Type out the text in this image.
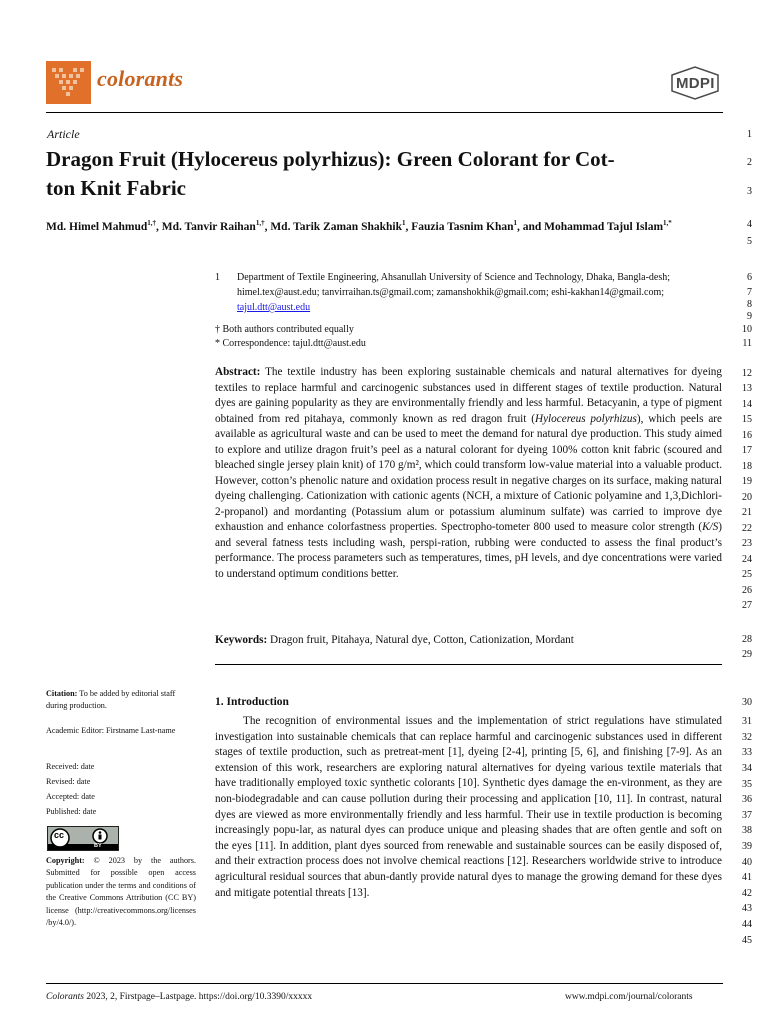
colorants	MDPI
Article
Dragon Fruit (Hylocereus polyrhizus): Green Colorant for Cot-
ton Knit Fabric
Md. Himel Mahmud$^{1,\dagger}$, Md. Tanvir Raihan$^{1,\dagger}$, Md. Tarik Zaman Shakhik$^1$, Fauzia Tasnim Khan$^1$, and Mohammad Tajul Islam$^{1,*}$
1 Department of Textile Engineering, Ahsanullah University of Science and Technology, Dhaka, Bangla-desh; himel.tex@aust.edu; tanvirraihan.ts@gmail.com; zamanshokhik@gmail.com; eshi-kakhan14@gmail.com; tajul.dtt@aust.edu
† Both authors contributed equally
* Correspondence: tajul.dtt@aust.edu
Abstract: The textile industry has been exploring sustainable chemicals and natural alternatives for dyeing textiles to replace harmful and carcinogenic substances used in different stages of textile production. Natural dyes are gaining popularity as they are environmentally friendly and less harmful. Betacyanin, a type of pigment obtained from red pitahaya, commonly known as red dragon fruit (Hylocereus polyrhizus), which peels are available as agricultural waste and can be used to meet the demand for natural dye production. This study aimed to explore and utilize dragon fruit’s peel as a natural colorant for dyeing 100% cotton knit fabric (scoured and bleached single jersey plain knit) of 170 g/m², which could transform low-value material into a valuable product. However, cotton’s phenolic nature and oxidation process result in negative charges on its surface, making natural dyeing challenging. Cationization with cationic agents (NCH, a mixture of Cationic polyamine and 1,3,Dichlori-2-propanol) and mordanting (Potassium alum or potassium aluminum sulfate) was carried to improve dye exhaustion and enhance colorfastness properties. Spectropho-tometer 800 used to measure color strength (K/S) and several fatness tests including wash, perspi-ration, rubbing were conducted to assess the final product’s performance. The process parameters such as temperatures, times, pH levels, and dye concentrations were varied to understand optimum conditions better.
Keywords: Dragon fruit, Pitahaya, Natural dye, Cotton, Cationization, Mordant
Citation: To be added by editorial staff during production.
Academic Editor: Firstname Last-name
Received: date
Revised: date
Accepted: date
Published: date
cc
BY
Copyright: © 2023 by the authors. Submitted for possible open access publication under the terms and conditions of the Creative Commons Attribution (CC BY) license (http://creativecommons.org/licenses /by/4.0/).
1. Introduction
The recognition of environmental issues and the implementation of strict regulations have stimulated investigation into sustainable chemicals that can replace harmful and carcinogenic substances used in different stages of textile production, such as pretreat-ment [1], dyeing [2-4], printing [5, 6], and finishing [7-9]. As an extension of this work, researchers are exploring natural alternatives for dyeing various textile materials that have traditionally employed toxic synthetic colorants [10]. Synthetic dyes damage the en-vironment, as they are non-biodegradable and can cause pollution during their processing and application [10, 11]. In contrast, natural dyes are viewed as more environmentally friendly and less harmful. Their use in textile production is becoming increasingly popu-lar, as natural dyes can produce unique and pleasing shades that are often gentle and soft on the eyes [11]. In addition, plant dyes sourced from renewable and sustainable sources can be easily disposed of, and their extraction process does not involve chemical reactions [12]. Researchers worldwide strive to introduce agricultural residual sources that abun-dantly provide natural dyes to manage the growing demand for these dyes and mitigate potential threats [13].
1
2
3
4
5
6
7
8
9
10
11
12
13
14
15
16
17
18
19
20
21
22
23
24
25
26
27
28
29
30
31
32
33
34
35
36
37
38
39
40
41
42
43
44
45
Colorants 2023, 2, Firstpage–Lastpage. https://doi.org/10.3390/xxxxx	www.mdpi.com/journal/colorants
